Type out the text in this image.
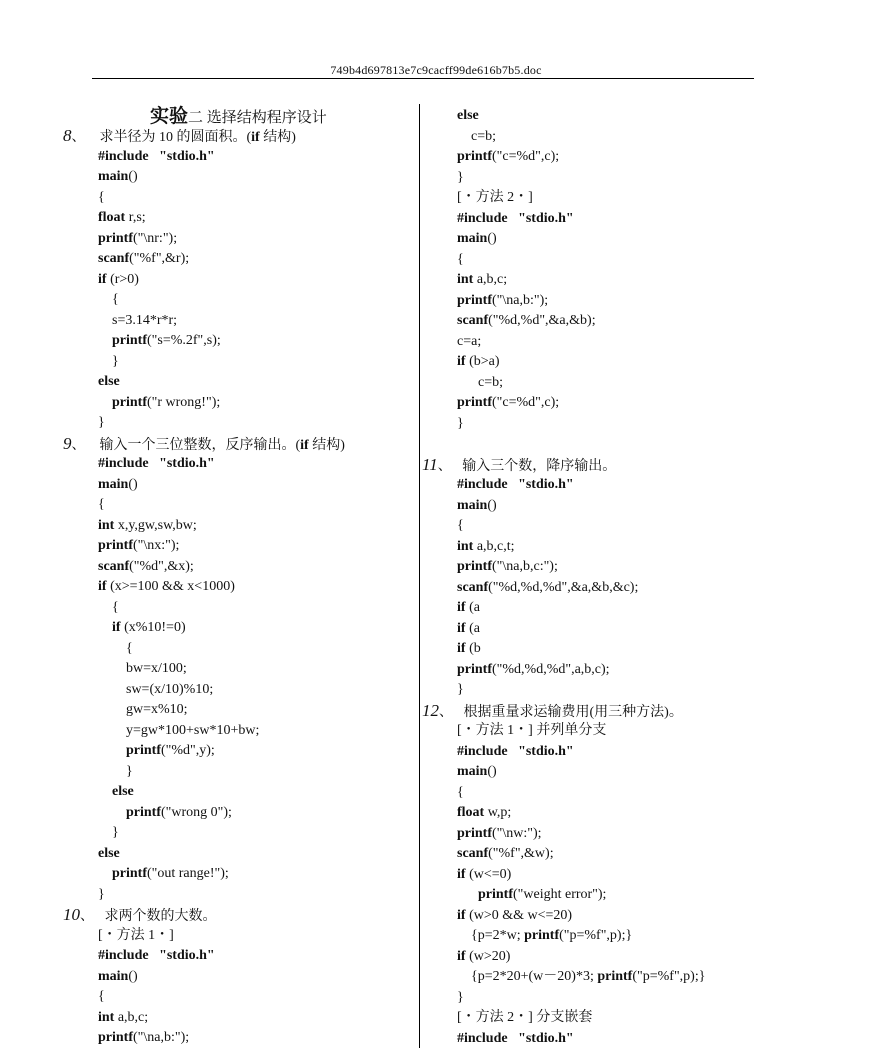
749b4d697813e7c9cacff99de616b7b5.doc
实验二 选择结构程序设计
8、    求半径为 10 的圆面积。(if 结构)
#include "stdio.h"
main()
{
float r,s;
printf("\nr:");
scanf("%f",&r);
if (r>0)
{
s=3.14*r*r;
printf("s=%.2f",s);
}
else
printf("r wrong!");
}
9、    输入一个三位整数，反序输出。(if 结构)
#include "stdio.h"
main()
{
int x,y,gw,sw,bw;
printf("\nx:");
scanf("%d",&x);
if (x>=100 && x<1000)
{
if (x%10!=0)
{
bw=x/100;
sw=(x/10)%10;
gw=x%10;
y=gw*100+sw*10+bw;
printf("%d",y);
}
else
printf("wrong 0");
}
else
printf("out range!");
}
10、   求两个数的大数。
[・方法 1・]
#include "stdio.h"
main()
{
int a,b,c;
printf("\na,b:");
else
c=b;
printf("c=%d",c);
}
[・方法 2・]
#include "stdio.h"
main()
{
int a,b,c;
printf("\na,b:");
scanf("%d,%d",&a,&b);
c=a;
if (b>a)
c=b;
printf("c=%d",c);
}

11、   输入三个数，降序输出。
#include "stdio.h"
main()
{
int a,b,c,t;
printf("\na,b,c:");
scanf("%d,%d,%d",&a,&b,&c);
if (a
if (a
if (b
printf("%d,%d,%d",a,b,c);
}
12、   根据重量求运输费用(用三种方法)。
[・方法 1・] 并列单分支
#include "stdio.h"
main()
{
float w,p;
printf("\nw:");
scanf("%f",&w);
if (w<=0)
printf("weight error");
if (w>0 && w<=20)
{p=2*w; printf("p=%f",p);}
if (w>20)
{p=2*20+(w－20)*3; printf("p=%f",p);}
}
[・方法 2・] 分支嵌套
#include "stdio.h"
